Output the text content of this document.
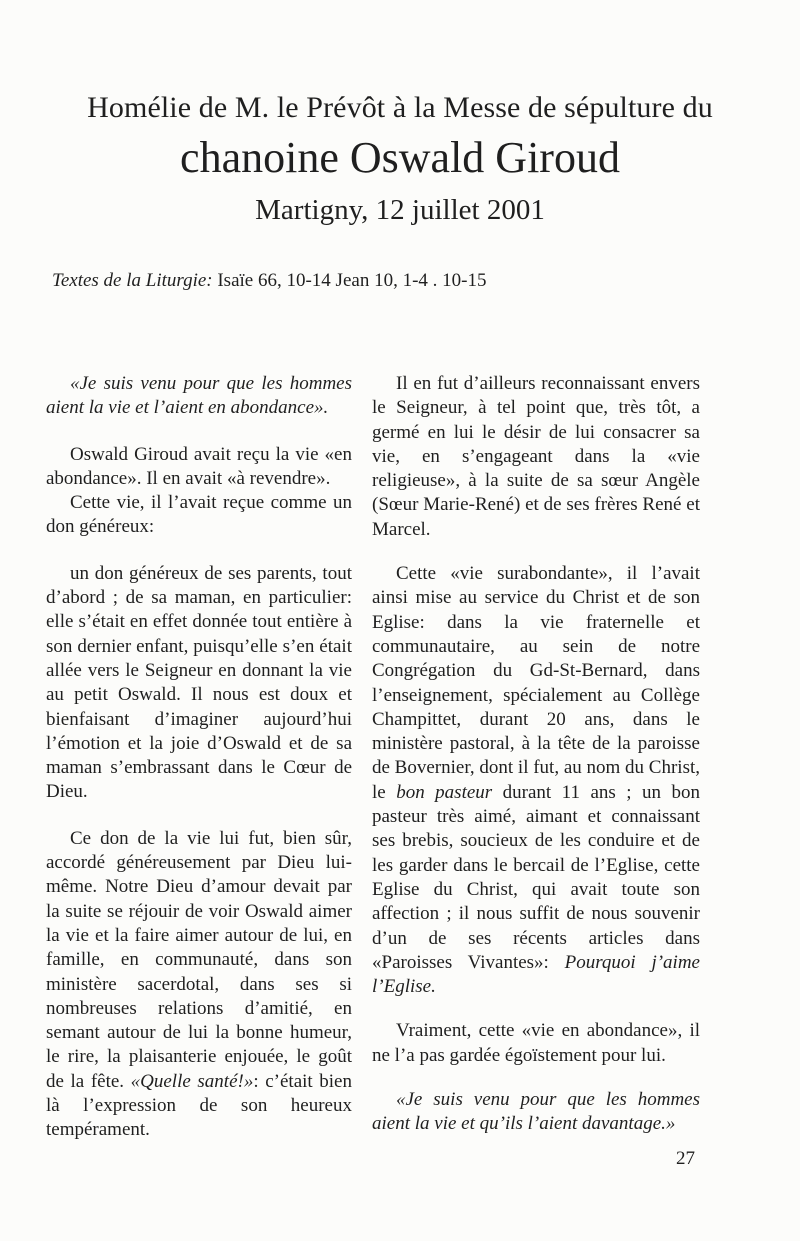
Homélie de M. le Prévôt à la Messe de sépulture du
chanoine Oswald Giroud
Martigny, 12 juillet 2001
Textes de la Liturgie: Isaïe 66, 10-14 Jean 10, 1-4 . 10-15

«Je suis venu pour que les hommes aient la vie et l’aient en abondance».

Oswald Giroud avait reçu la vie «en abondance». Il en avait «à revendre».

Cette vie, il l’avait reçue comme un don généreux:

un don généreux de ses parents, tout d’abord ; de sa maman, en particulier: elle s’était en effet donnée tout entière à son dernier enfant, puisqu’elle s’en était allée vers le Seigneur en donnant la vie au petit Oswald. Il nous est doux et bienfaisant d’imaginer aujourd’hui l’émotion et la joie d’Oswald et de sa maman s’embrassant dans le Cœur de Dieu.

Ce don de la vie lui fut, bien sûr, accordé généreusement par Dieu lui-même. Notre Dieu d’amour devait par la suite se réjouir de voir Oswald aimer la vie et la faire aimer autour de lui, en famille, en communauté, dans son ministère sacerdotal, dans ses si nombreuses relations d’amitié, en semant autour de lui la bonne humeur, le rire, la plaisanterie enjouée, le goût de la fête. «Quelle santé!»: c’était bien là l’expression de son heureux tempérament.

Il en fut d’ailleurs reconnaissant envers le Seigneur, à tel point que, très tôt, a germé en lui le désir de lui consacrer sa vie, en s’engageant dans la «vie religieuse», à la suite de sa sœur Angèle (Sœur Marie-René) et de ses frères René et Marcel.

Cette «vie surabondante», il l’avait ainsi mise au service du Christ et de son Eglise: dans la vie fraternelle et communautaire, au sein de notre Congrégation du Gd-St-Bernard, dans l’enseignement, spécialement au Collège Champittet, durant 20 ans, dans le ministère pastoral, à la tête de la paroisse de Bovernier, dont il fut, au nom du Christ, le bon pasteur durant 11 ans ; un bon pasteur très aimé, aimant et connaissant ses brebis, soucieux de les conduire et de les garder dans le bercail de l’Eglise, cette Eglise du Christ, qui avait toute son affection ; il nous suffit de nous souvenir d’un de ses récents articles dans «Paroisses Vivantes»: Pourquoi j’aime l’Eglise.

Vraiment, cette «vie en abondance», il ne l’a pas gardée égoïstement pour lui.

«Je suis venu pour que les hommes aient la vie et qu’ils l’aient davantage.»

27
